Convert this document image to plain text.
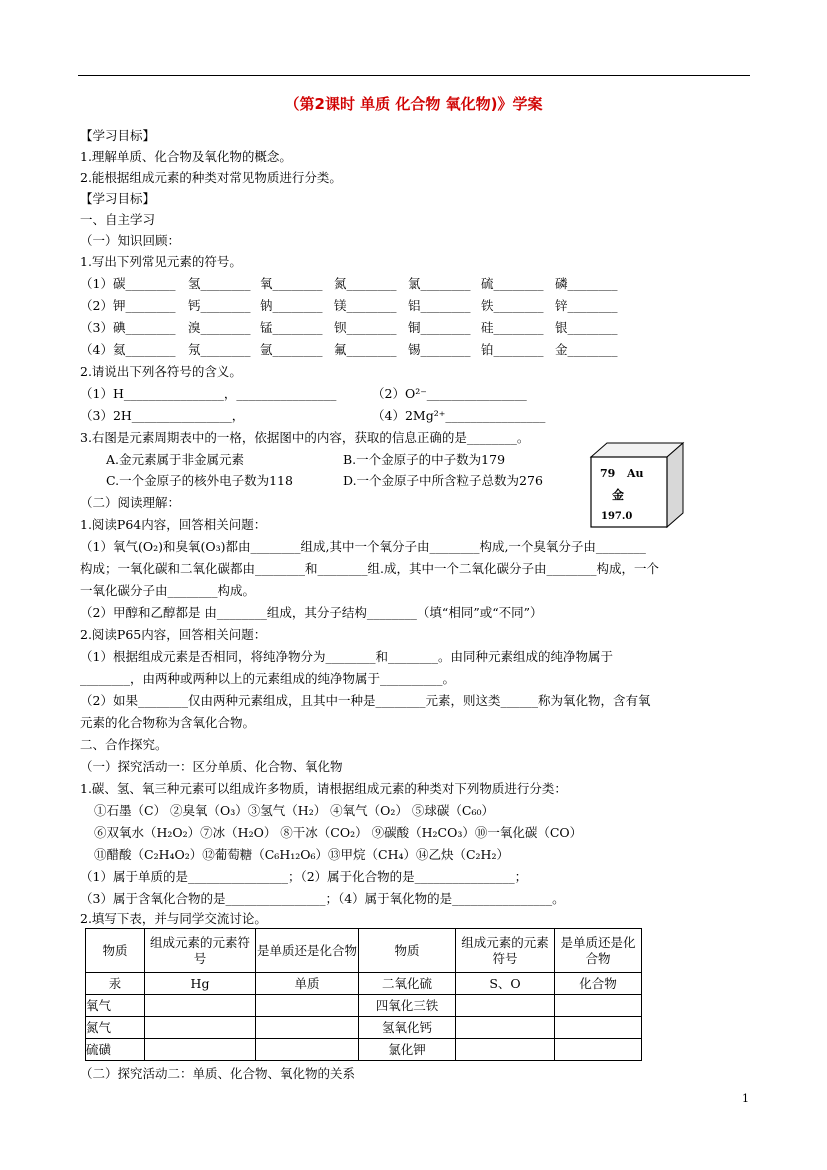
（第2课时 单质 化合物 氧化物)》学案
【学习目标】
1.理解单质、化合物及氧化物的概念。
2.能根据组成元素的种类对常见物质进行分类。
【学习目标】
一、自主学习
（一）知识回顾：
1.写出下列常见元素的符号。
（1）碳________ 氢________ 氧________ 氮________ 氯________ 硫________ 磷________
（2）钾________ 钙________ 钠________ 镁________ 铝________ 铁________ 锌________
（3）碘________ 溴________ 锰________ 钡________ 铜________ 硅________ 银________
（4）氦________ 氖________ 氩________ 氟________ 锡________ 铂________ 金________
2.请说出下列各符号的含义。
（1）H________________，________________	（2）O²⁻________________
（3）2H________________，	（4）2Mg²⁺________________
3.右图是元素周期表中的一格，依据图中的内容，获取的信息正确的是________。
A.金元素属于非金属元素	B.一个金原子的中子数为179
C.一个金原子的核外电子数为118	D.一个金原子中所含粒子总数为276	79 Au
金
197.0
（二）阅读理解：
1.阅读P64内容，回答相关问题：
（1）氧气(O₂)和臭氧(O₃)都由________组成,其中一个氧分子由________构成,一个臭氧分子由________
构成；一氧化碳和二氧化碳都由________和________组.成，其中一个二氧化碳分子由________构成，一个
一氧化碳分子由________构成。
（2）甲醇和乙醇都是 由________组成，其分子结构________（填“相同”或“不同”）
2.阅读P65内容，回答相关问题：
（1）根据组成元素是否相同，将纯净物分为________和________。由同种元素组成的纯净物属于
________，由两种或两种以上的元素组成的纯净物属于__________。
（2）如果________仅由两种元素组成，且其中一种是________元素，则这类______称为氧化物，含有氧
元素的化合物称为含氧化合物。
二、合作探究。
（一）探究活动一：区分单质、化合物、氧化物
1.碳、氢、氧三种元素可以组成许多物质，请根据组成元素的种类对下列物质进行分类：
①石墨（C） ②臭氧（O₃）③氢气（H₂） ④氧气（O₂） ⑤球碳（C₆₀）
⑥双氧水（H₂O₂）⑦冰（H₂O） ⑧干冰（CO₂） ⑨碳酸（H₂CO₃）⑩一氧化碳（CO）
⑪醋酸（C₂H₄O₂）⑫葡萄糖（C₆H₁₂O₆）⑬甲烷（CH₄）⑭乙炔（C₂H₂）
（1）属于单质的是________________；（2）属于化合物的是________________；
（3）属于含氧化合物的是________________；（4）属于氧化物的是________________。
2.填写下表，并与同学交流讨论。
物质	组成元素的元素符号	是单质还是化合物	物质	组成元素的元素符号	是单质还是化合物
汞	Hg	单质	二氧化硫	S、O	化合物
氧气			四氧化三铁		
氮气			氢氧化钙		
硫磺			氯化钾		
（二）探究活动二：单质、化合物、氧化物的关系
1
